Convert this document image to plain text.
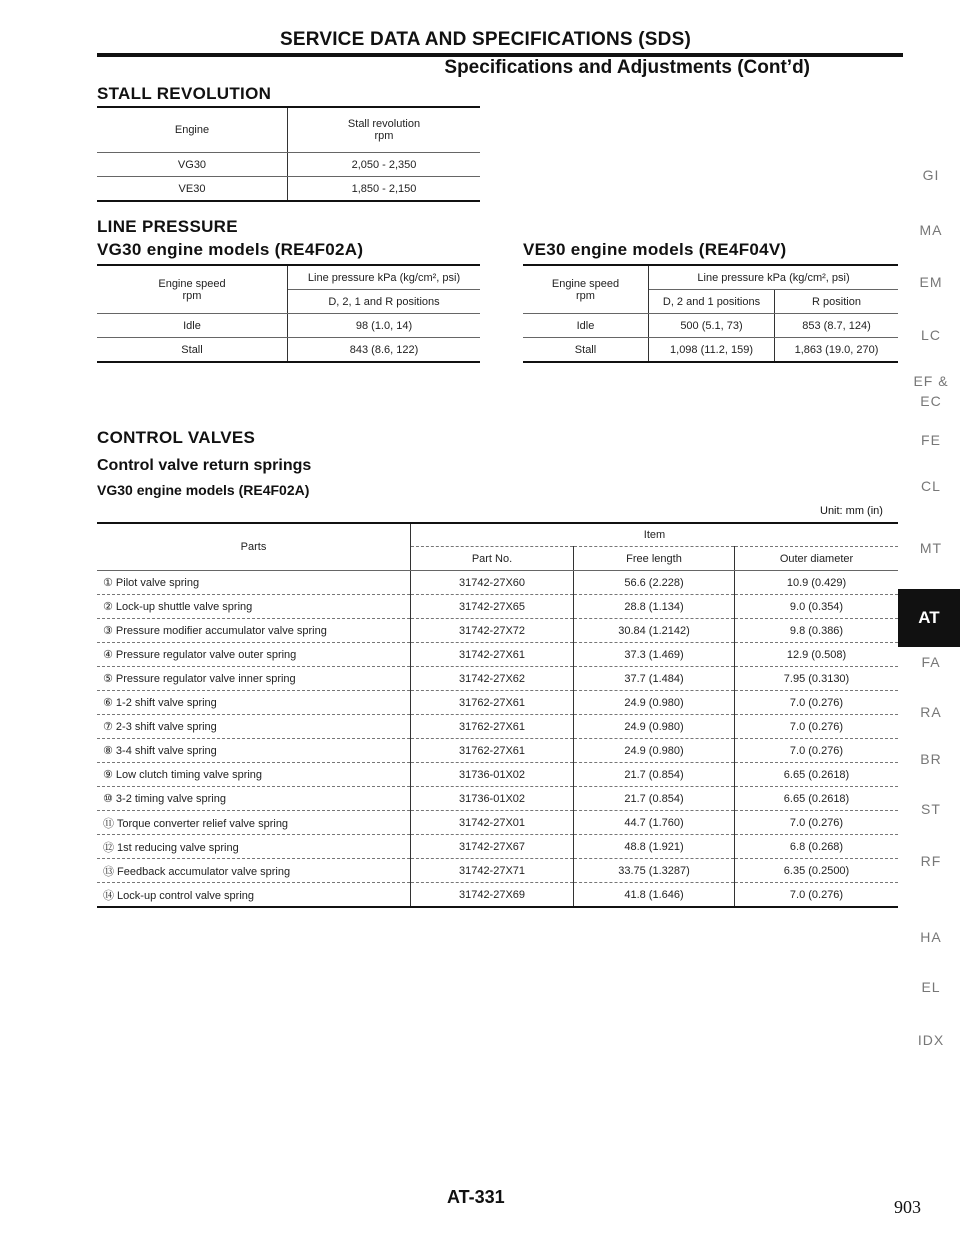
SERVICE DATA AND SPECIFICATIONS (SDS)
Specifications and Adjustments (Cont’d)
STALL REVOLUTION
Engine	Stall revolution
rpm

VG30	2,050 - 2,350
VE30	1,850 - 2,150
LINE PRESSURE
VG30 engine models (RE4F02A)	VE30 engine models (RE4F04V)
Engine speed
rpm	Line pressure kPa (kg/cm², psi)
	D, 2, 1 and R positions
Idle	98 (1.0, 14)
Stall	843 (8.6, 122)
Engine speed
rpm	Line pressure kPa (kg/cm², psi)	
	D, 2 and 1 positions	R position
Idle	500 (5.1, 73)	853 (8.7, 124)
Stall	1,098 (11.2, 159)	1,863 (19.0, 270)
CONTROL VALVES
Control valve return springs
VG30 engine models (RE4F02A)
Unit: mm (in)
Parts	Item		
	Part No.	Free length	Outer diameter
① Pilot valve spring	31742-27X60	56.6 (2.228)	10.9 (0.429)
② Lock-up shuttle valve spring	31742-27X65	28.8 (1.134)	9.0 (0.354)
③ Pressure modifier accumulator valve spring	31742-27X72	30.84 (1.2142)	9.8 (0.386)
④ Pressure regulator valve outer spring	31742-27X61	37.3 (1.469)	12.9 (0.508)
⑤ Pressure regulator valve inner spring	31742-27X62	37.7 (1.484)	7.95 (0.3130)
⑥ 1-2 shift valve spring	31762-27X61	24.9 (0.980)	7.0 (0.276)
⑦ 2-3 shift valve spring	31762-27X61	24.9 (0.980)	7.0 (0.276)
⑧ 3-4 shift valve spring	31762-27X61	24.9 (0.980)	7.0 (0.276)
⑨ Low clutch timing valve spring	31736-01X02	21.7 (0.854)	6.65 (0.2618)
⑩ 3-2 timing valve spring	31736-01X02	21.7 (0.854)	6.65 (0.2618)
⑪ Torque converter relief valve spring	31742-27X01	44.7 (1.760)	7.0 (0.276)
⑫ 1st reducing valve spring	31742-27X67	48.8 (1.921)	6.8 (0.268)
⑬ Feedback accumulator valve spring	31742-27X71	33.75 (1.3287)	6.35 (0.2500)
⑭ Lock-up control valve spring	31742-27X69	41.8 (1.646)	7.0 (0.276)
GI
MA
EM
LC
EF &
EC
FE
CL
MT
FA
RA
BR
ST
RF
HA
EL
IDX
AT
AT-331	903
